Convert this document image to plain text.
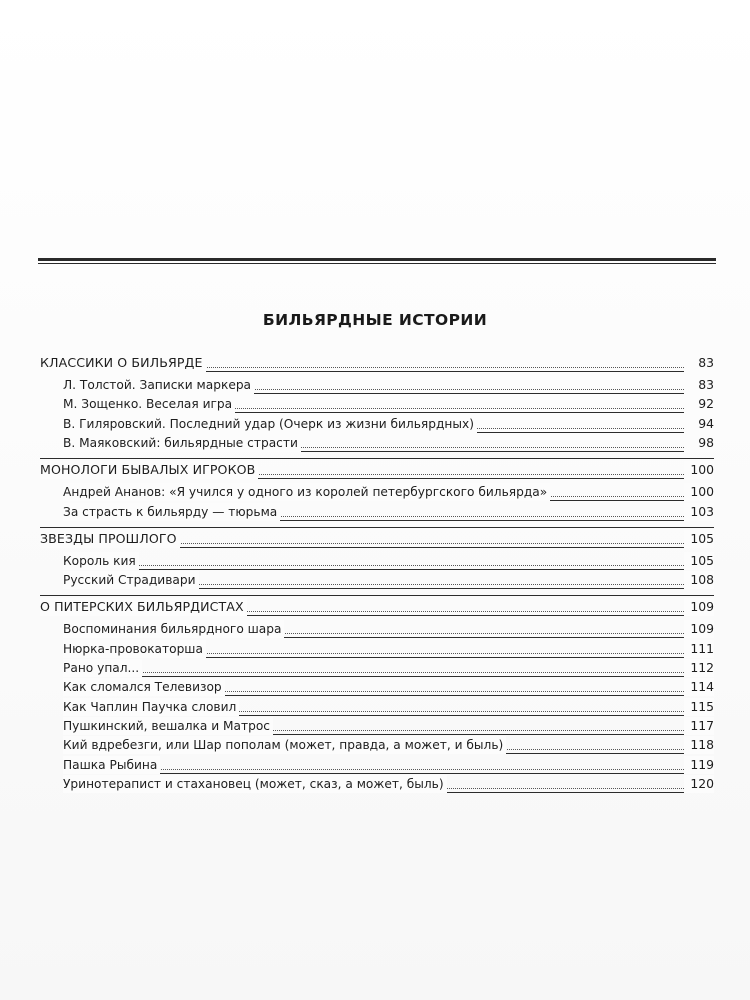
БИЛЬЯРДНЫЕ ИСТОРИИ
КЛАССИКИ О БИЛЬЯРДЕ	83
Л. Толстой. Записки маркера	83
М. Зощенко. Веселая игра	92
В. Гиляровский. Последний удар (Очерк из жизни бильярдных)	94
В. Маяковский: бильярдные страсти	98
МОНОЛОГИ БЫВАЛЫХ ИГРОКОВ	100
Андрей Ананов: «Я учился у одного из королей петербургского бильярда»	100
За страсть к бильярду — тюрьма	103
ЗВЕЗДЫ ПРОШЛОГО	105
Король кия	105
Русский Страдивари	108
О ПИТЕРСКИХ БИЛЬЯРДИСТАХ	109
Воспоминания бильярдного шара	109
Нюрка-провокаторша	111
Рано упал...	112
Как сломался Телевизор	114
Как Чаплин Паучка словил	115
Пушкинский, вешалка и Матрос	117
Кий вдребезги, или Шар пополам (может, правда, а может, и быль)	118
Пашка Рыбина	119
Уринотерапист и стахановец (может, сказ, а может, быль)	120
